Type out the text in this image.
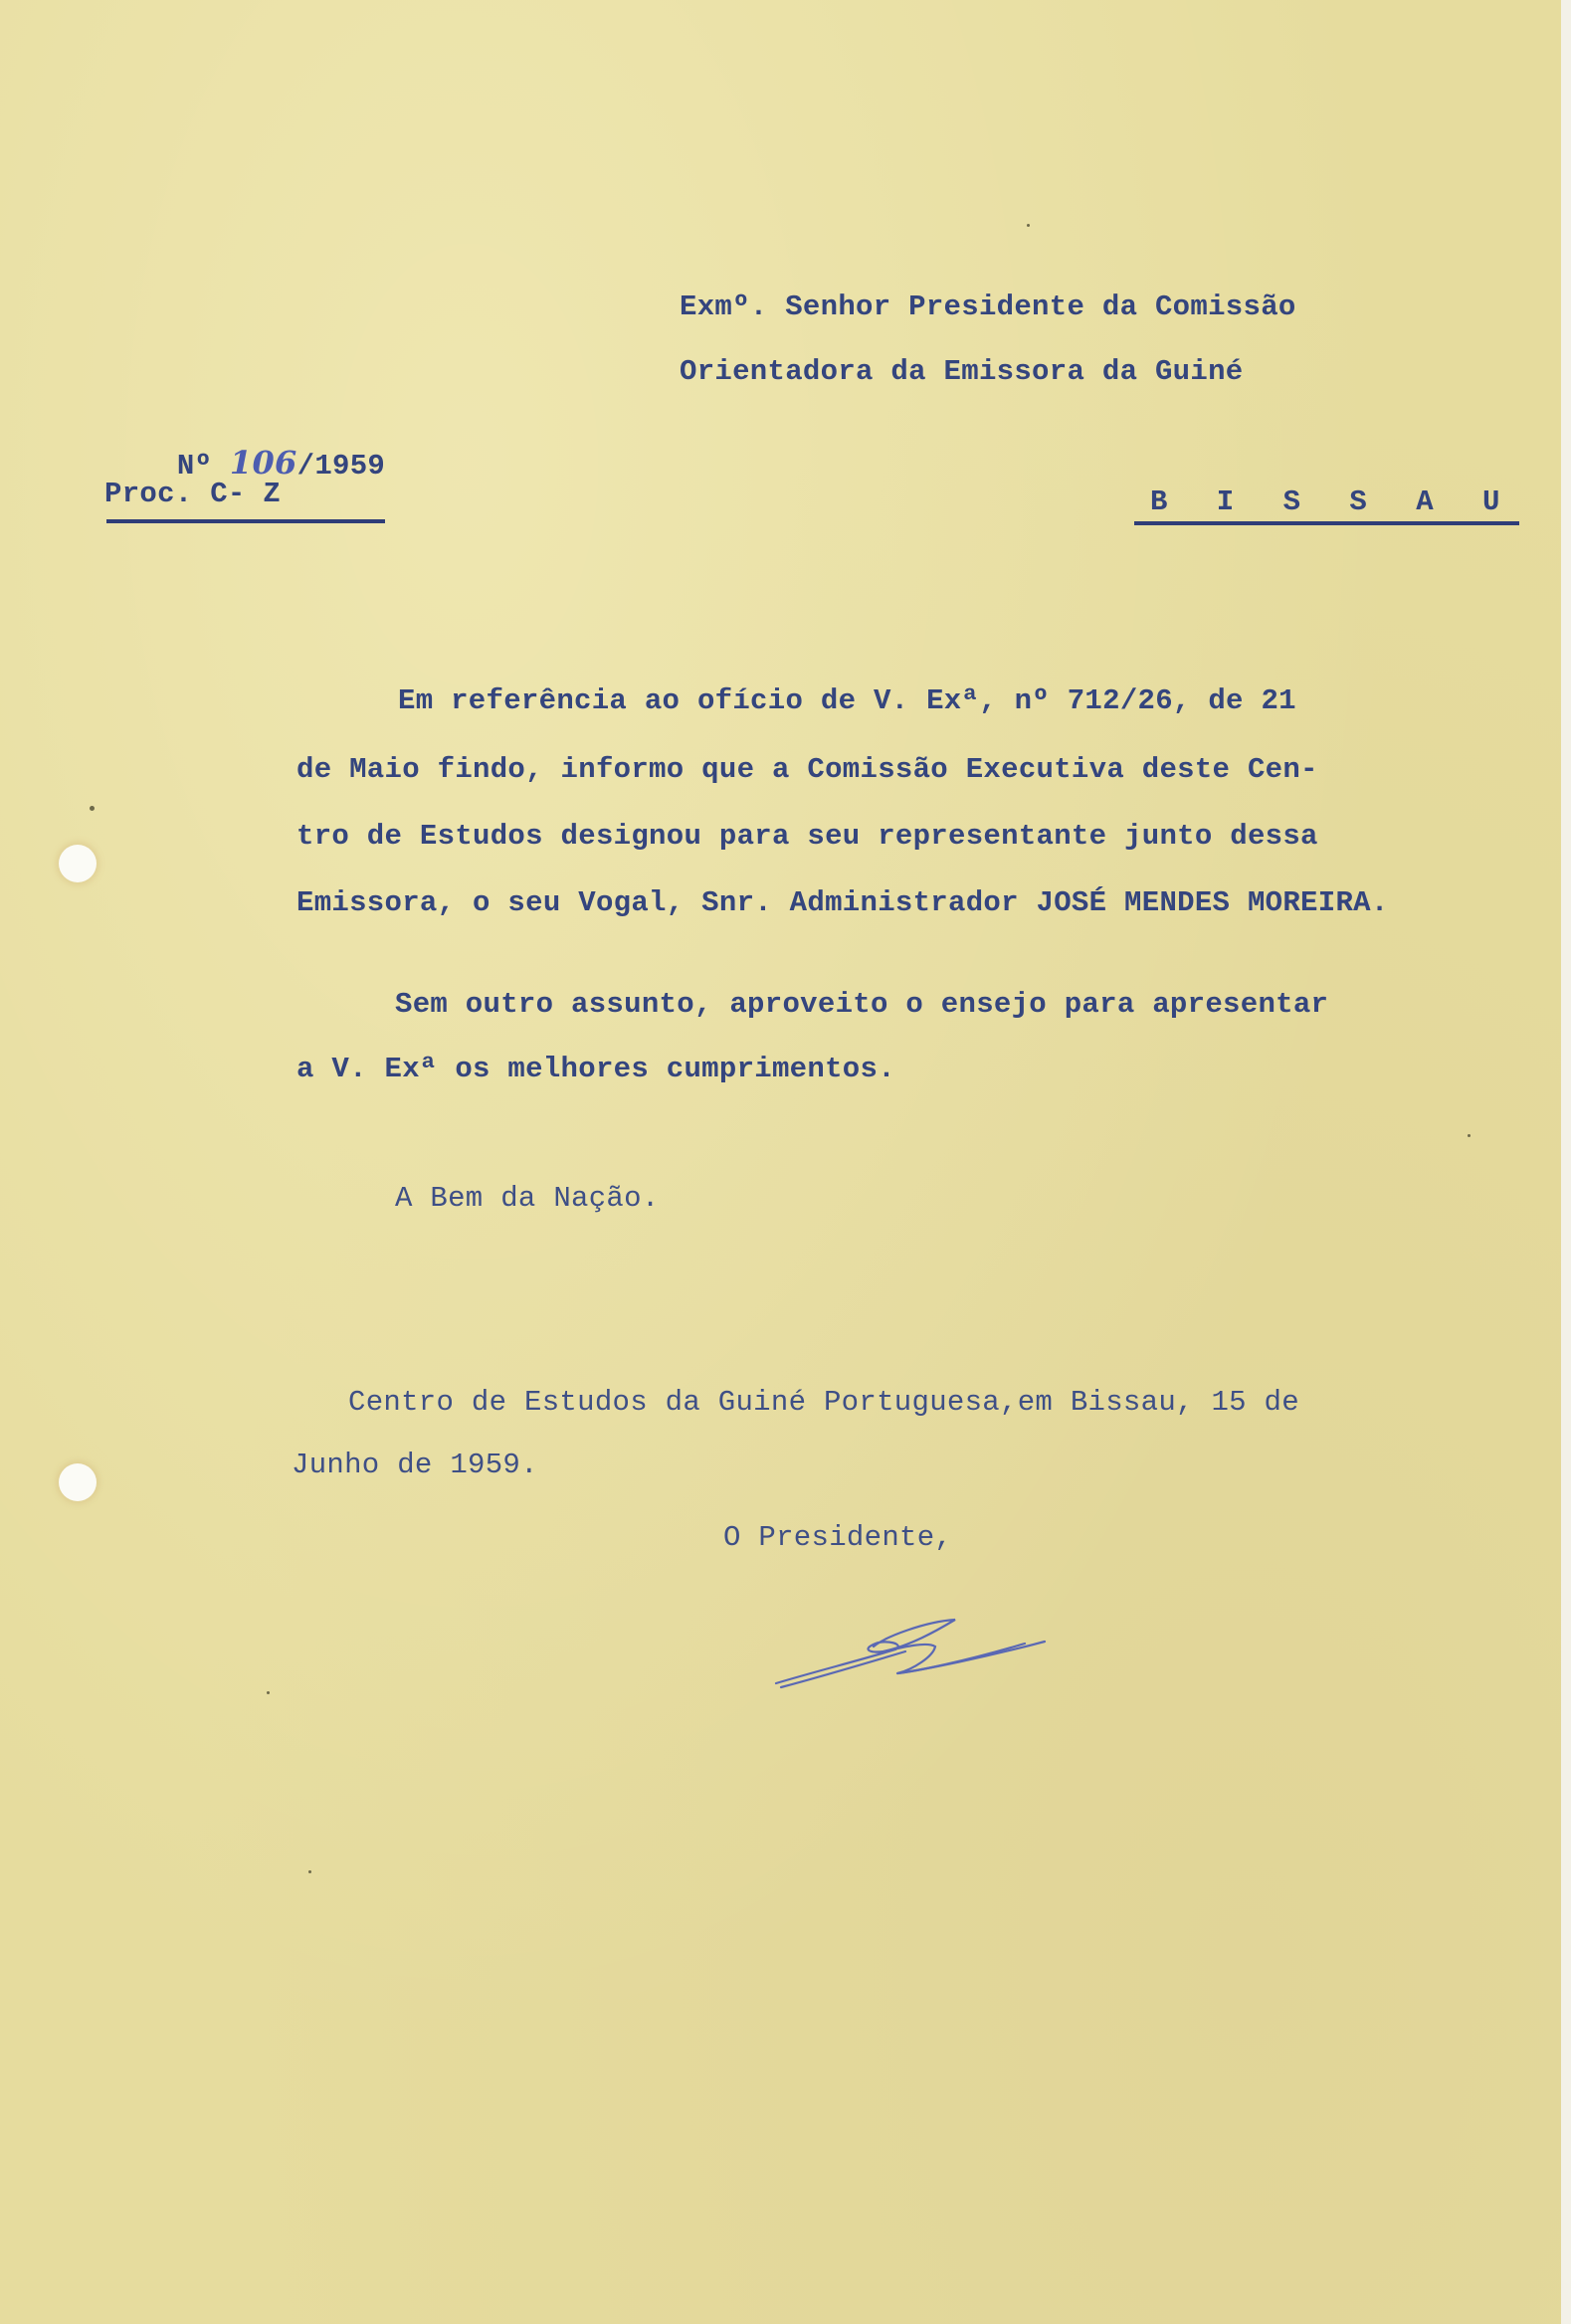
Exmº. Senhor Presidente da Comissão

Orientadora da Emissora da Guiné

Nº 106/1959

Proc. C- Z	B I S S A U

Em referência ao ofício de V. Exª, nº 712/26, de 21

de Maio findo, informo que a Comissão Executiva deste Cen-

tro de Estudos designou para seu representante junto dessa

Emissora, o seu Vogal, Snr. Administrador JOSÉ MENDES MOREIRA.

Sem outro assunto, aproveito o ensejo para apresentar

a V. Exª os melhores cumprimentos.

A Bem da Nação.

Centro de Estudos da Guiné Portuguesa,em Bissau, 15 de

Junho de 1959.

O Presidente,
